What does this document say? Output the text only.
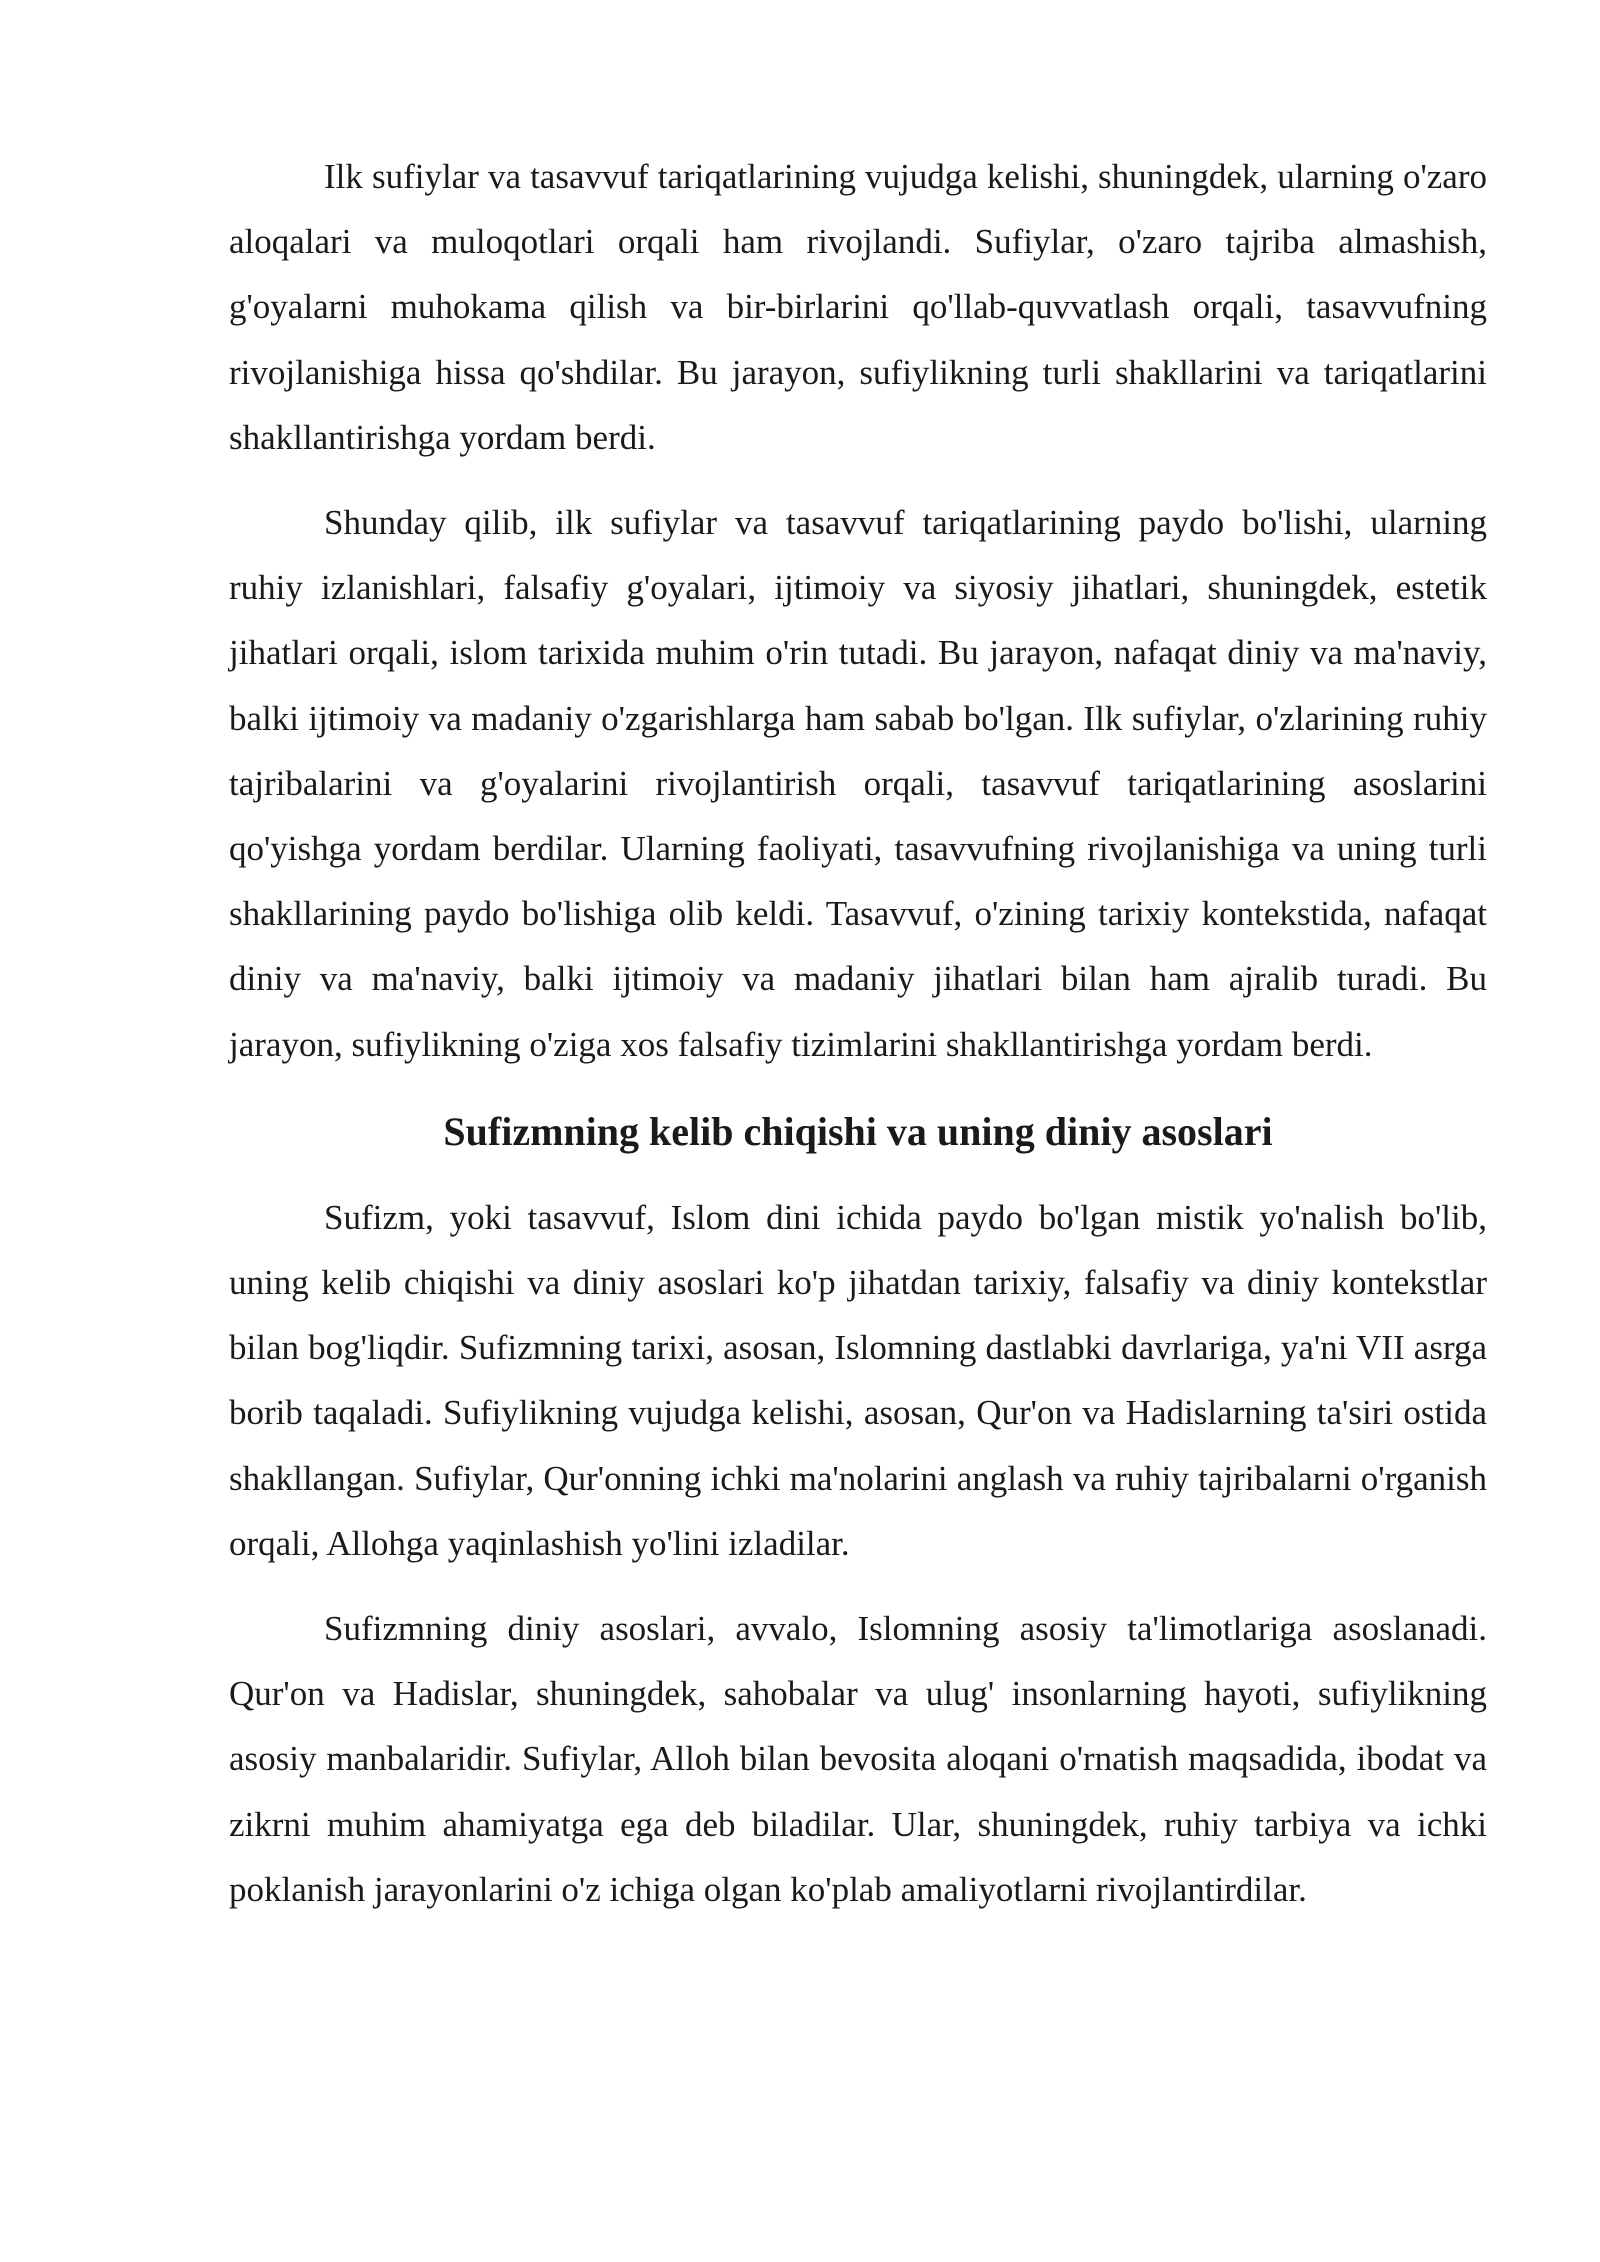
Ilk sufiylar va tasavvuf tariqatlarining vujudga kelishi, shuningdek, ularning o'zaro aloqalari va muloqotlari orqali ham rivojlandi. Sufiylar, o'zaro tajriba almashish, g'oyalarni muhokama qilish va bir-birlarini qo'llab-quvvatlash orqali, tasavvufning rivojlanishiga hissa qo'shdilar. Bu jarayon, sufiylikning turli shakllarini va tariqatlarini shakllantirishga yordam berdi.

Shunday qilib, ilk sufiylar va tasavvuf tariqatlarining paydo bo'lishi, ularning ruhiy izlanishlari, falsafiy g'oyalari, ijtimoiy va siyosiy jihatlari, shuningdek, estetik jihatlari orqali, islom tarixida muhim o'rin tutadi. Bu jarayon, nafaqat diniy va ma'naviy, balki ijtimoiy va madaniy o'zgarishlarga ham sabab bo'lgan. Ilk sufiylar, o'zlarining ruhiy tajribalarini va g'oyalarini rivojlantirish orqali, tasavvuf tariqatlarining asoslarini qo'yishga yordam berdilar. Ularning faoliyati, tasavvufning rivojlanishiga va uning turli shakllarining paydo bo'lishiga olib keldi. Tasavvuf, o'zining tarixiy kontekstida, nafaqat diniy va ma'naviy, balki ijtimoiy va madaniy jihatlari bilan ham ajralib turadi. Bu jarayon, sufiylikning o'ziga xos falsafiy tizimlarini shakllantirishga yordam berdi.

Sufizmning kelib chiqishi va uning diniy asoslari

Sufizm, yoki tasavvuf, Islom dini ichida paydo bo'lgan mistik yo'nalish bo'lib, uning kelib chiqishi va diniy asoslari ko'p jihatdan tarixiy, falsafiy va diniy kontekstlar bilan bog'liqdir. Sufizmning tarixi, asosan, Islomning dastlabki davrlariga, ya'ni VII asrga borib taqaladi. Sufiylikning vujudga kelishi, asosan, Qur'on va Hadislarning ta'siri ostida shakllangan. Sufiylar, Qur'onning ichki ma'nolarini anglash va ruhiy tajribalarni o'rganish orqali, Allohga yaqinlashish yo'lini izladilar.

Sufizmning diniy asoslari, avvalo, Islomning asosiy ta'limotlariga asoslanadi. Qur'on va Hadislar, shuningdek, sahobalar va ulug' insonlarning hayoti, sufiylikning asosiy manbalaridir. Sufiylar, Alloh bilan bevosita aloqani o'rnatish maqsadida, ibodat va zikrni muhim ahamiyatga ega deb biladilar. Ular, shuningdek, ruhiy tarbiya va ichki poklanish jarayonlarini o'z ichiga olgan ko'plab amaliyotlarni rivojlantirdilar.
